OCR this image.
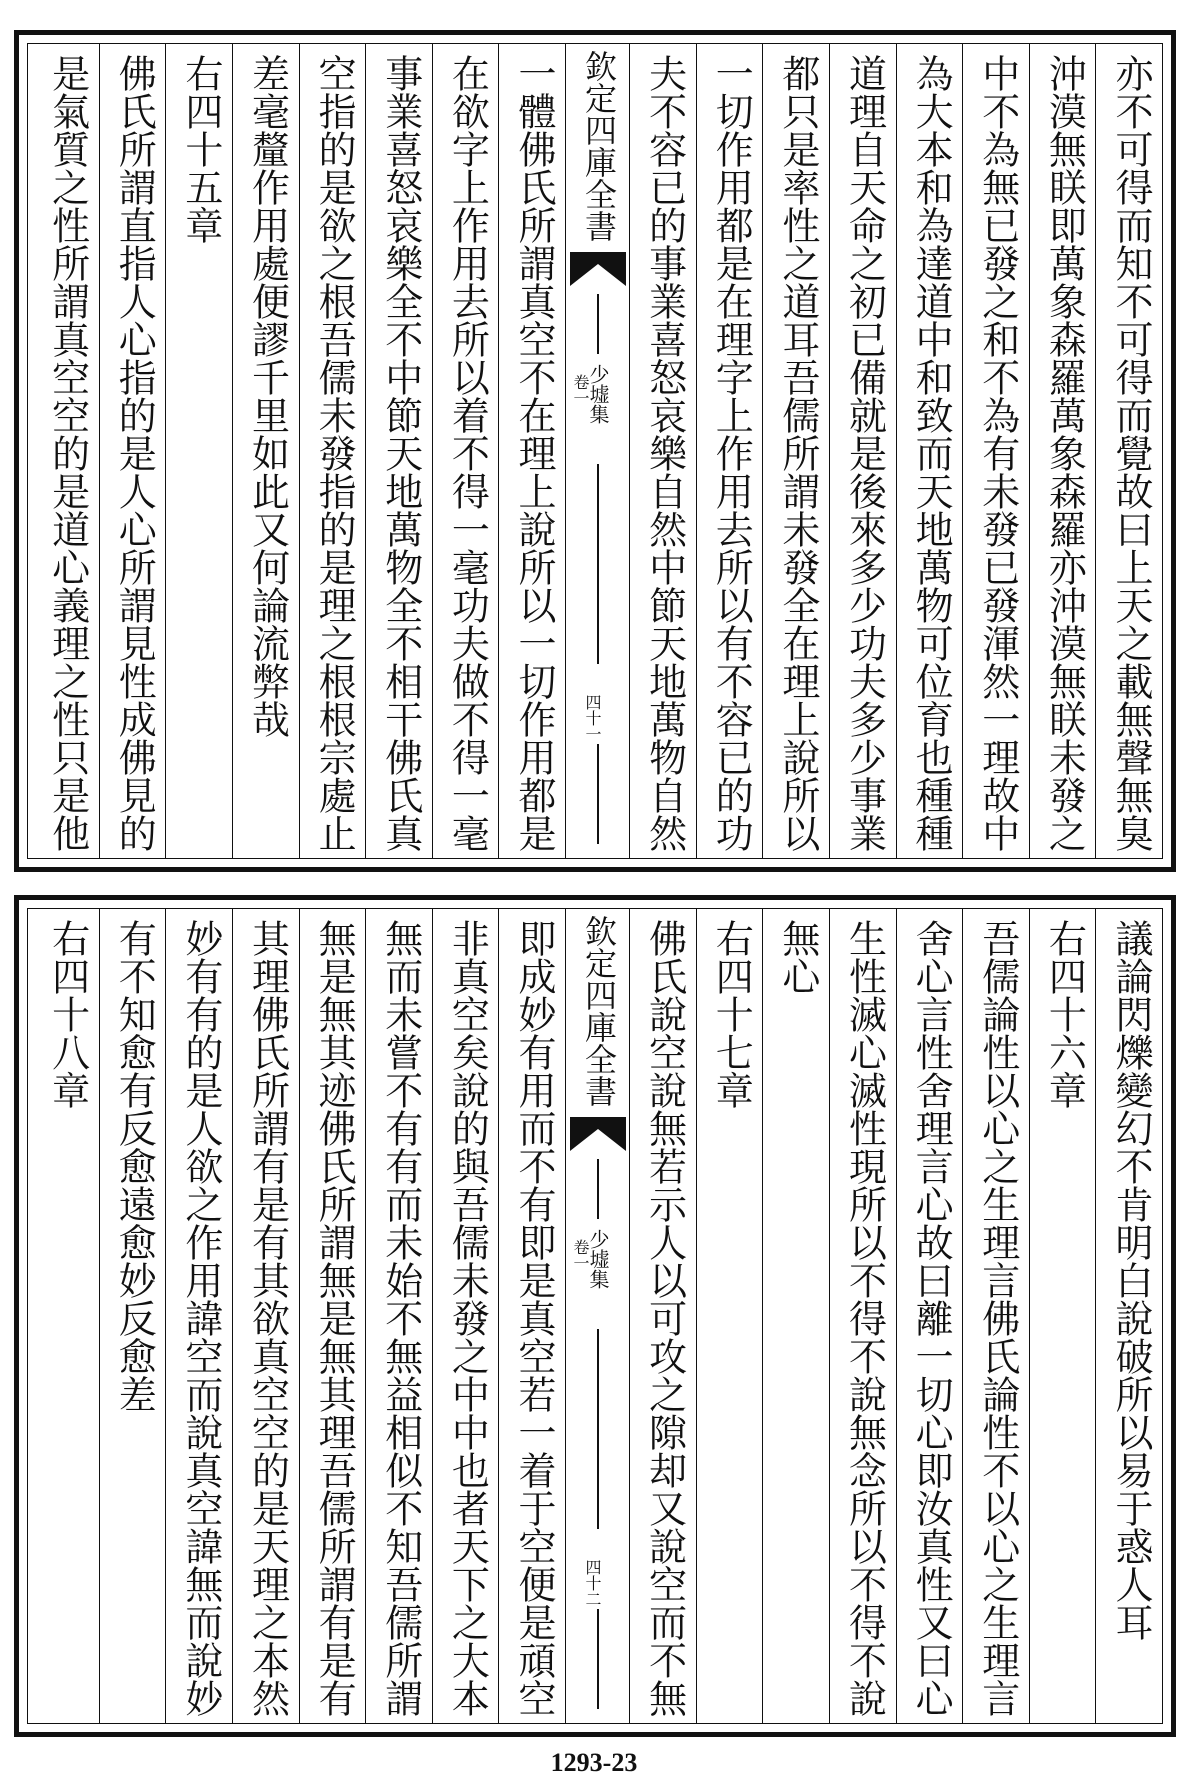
亦不可得而知不可得而覺故曰上天之載無聲無臭
沖漠無眹即萬象森羅萬象森羅亦沖漠無眹未發之
中不為無已發之和不為有未發已發渾然一理故中
為大本和為達道中和致而天地萬物可位育也種種
道理自天命之初已備就是後來多少功夫多少事業
都只是率性之道耳吾儒所謂未發全在理上說所以
一切作用都是在理字上作用去所以有不容已的功
夫不容已的事業喜怒哀樂自然中節天地萬物自然
欽定四庫全書
少墟集
卷一
四十一
一體佛氏所謂真空不在理上說所以一切作用都是
在欲字上作用去所以着不得一毫功夫做不得一毫
事業喜怒哀樂全不中節天地萬物全不相干佛氏真
空指的是欲之根吾儒未發指的是理之根根宗處止
差毫釐作用處便謬千里如此又何論流弊哉
右四十五章
佛氏所謂直指人心指的是人心所謂見性成佛見的
是氣質之性所謂真空空的是道心義理之性只是他
議論閃爍變幻不肯明白說破所以易于惑人耳
右四十六章
吾儒論性以心之生理言佛氏論性不以心之生理言
舍心言性舍理言心故曰離一切心即汝真性又曰心
生性滅心滅性現所以不得不說無念所以不得不說
無心
右四十七章
佛氏說空說無若示人以可攻之隙却又說空而不無
欽定四庫全書
少墟集
卷一
四十二
即成妙有用而不有即是真空若一着于空便是頑空
非真空矣說的與吾儒未發之中中也者天下之大本
無而未嘗不有有而未始不無益相似不知吾儒所謂
無是無其迹佛氏所謂無是無其理吾儒所謂有是有
其理佛氏所謂有是有其欲真空空的是天理之本然
妙有有的是人欲之作用諱空而說真空諱無而說妙
有不知愈有反愈遠愈妙反愈差
右四十八章
1293-23
